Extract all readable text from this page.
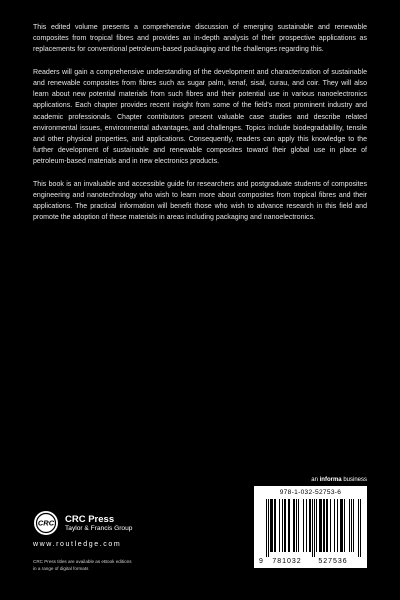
This edited volume presents a comprehensive discussion of emerging sustainable and renewable composites from tropical fibres and provides an in-depth analysis of their prospective applications as replacements for conventional petroleum-based packaging and the challenges regarding this.

Readers will gain a comprehensive understanding of the development and characterization of sustainable and renewable composites from fibres such as sugar palm, kenaf, sisal, curau, and coir. They will also learn about new potential materials from such fibres and their potential use in various nanoelectronics applications. Each chapter provides recent insight from some of the field's most prominent industry and academic professionals. Chapter contributors present valuable case studies and describe related environmental issues, environmental advantages, and challenges. Topics include biodegradability, tensile and other physical properties, and applications. Consequently, readers can apply this knowledge to the further development of sustainable and renewable composites toward their global use in place of petroleum-based materials and in new electronics products.

This book is an invaluable and accessible guide for researchers and postgraduate students of composites engineering and nanotechnology who wish to learn more about composites from tropical fibres and their applications. The practical information will benefit those who wish to advance research in this field and promote the adoption of these materials in areas including packaging and nanoelectronics.

an informa business
CRC CRC Press
Taylor & Francis Group
www.routledge.com
CRC Press titles are available as eBook editions
in a range of digital formats
978-1-032-52753-6
9 781032 527536
